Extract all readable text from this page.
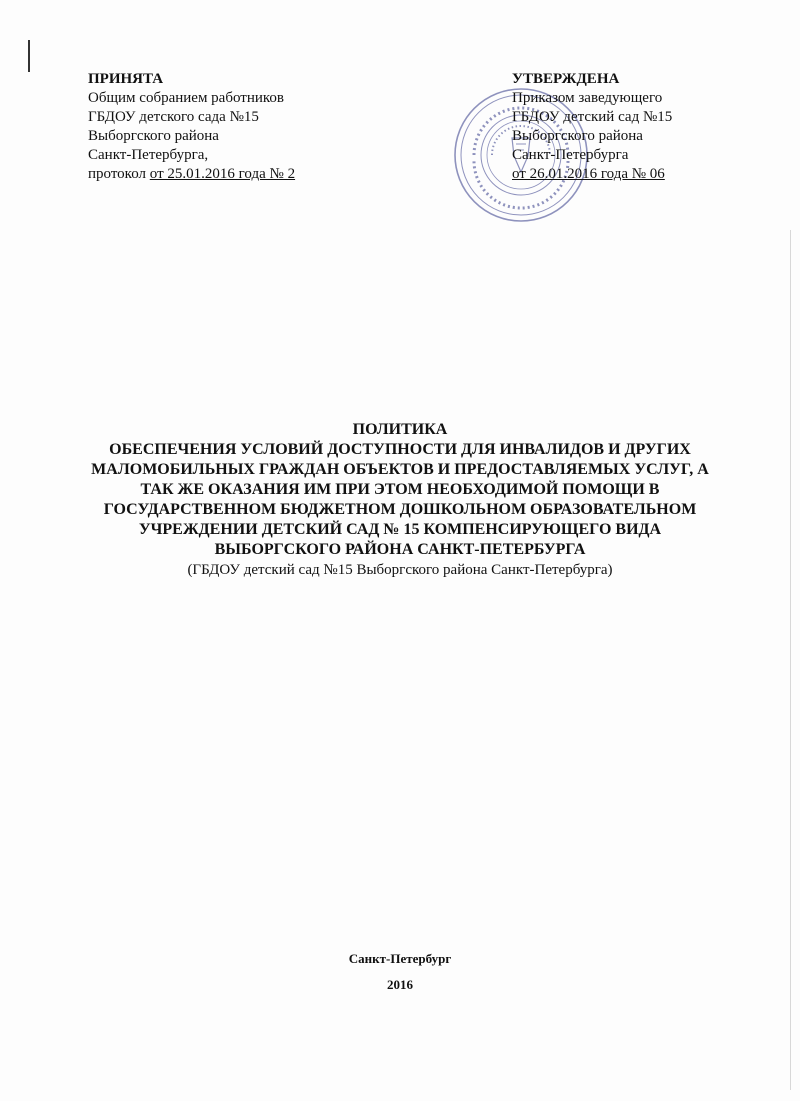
ПРИНЯТА
Общим собранием работников
ГБДОУ детского сада №15
Выборгского района
Санкт-Петербурга,
протокол от 25.01.2016 года № 2
УТВЕРЖДЕНА
Приказом заведующего
ГБДОУ детский сад №15
Выборгского района
Санкт-Петербурга
от 26.01.2016 года № 06
ПОЛИТИКА
ОБЕСПЕЧЕНИЯ УСЛОВИЙ ДОСТУПНОСТИ ДЛЯ ИНВАЛИДОВ И ДРУГИХ
МАЛОМОБИЛЬНЫХ ГРАЖДАН ОБЪЕКТОВ И ПРЕДОСТАВЛЯЕМЫХ УСЛУГ, А
ТАК ЖЕ ОКАЗАНИЯ ИМ ПРИ ЭТОМ НЕОБХОДИМОЙ ПОМОЩИ В
ГОСУДАРСТВЕННОМ БЮДЖЕТНОМ ДОШКОЛЬНОМ ОБРАЗОВАТЕЛЬНОМ
УЧРЕЖДЕНИИ ДЕТСКИЙ САД № 15 КОМПЕНСИРУЮЩЕГО ВИДА
ВЫБОРГСКОГО РАЙОНА САНКТ-ПЕТЕРБУРГА
(ГБДОУ детский сад №15 Выборгского района Санкт-Петербурга)
Санкт-Петербург
2016
